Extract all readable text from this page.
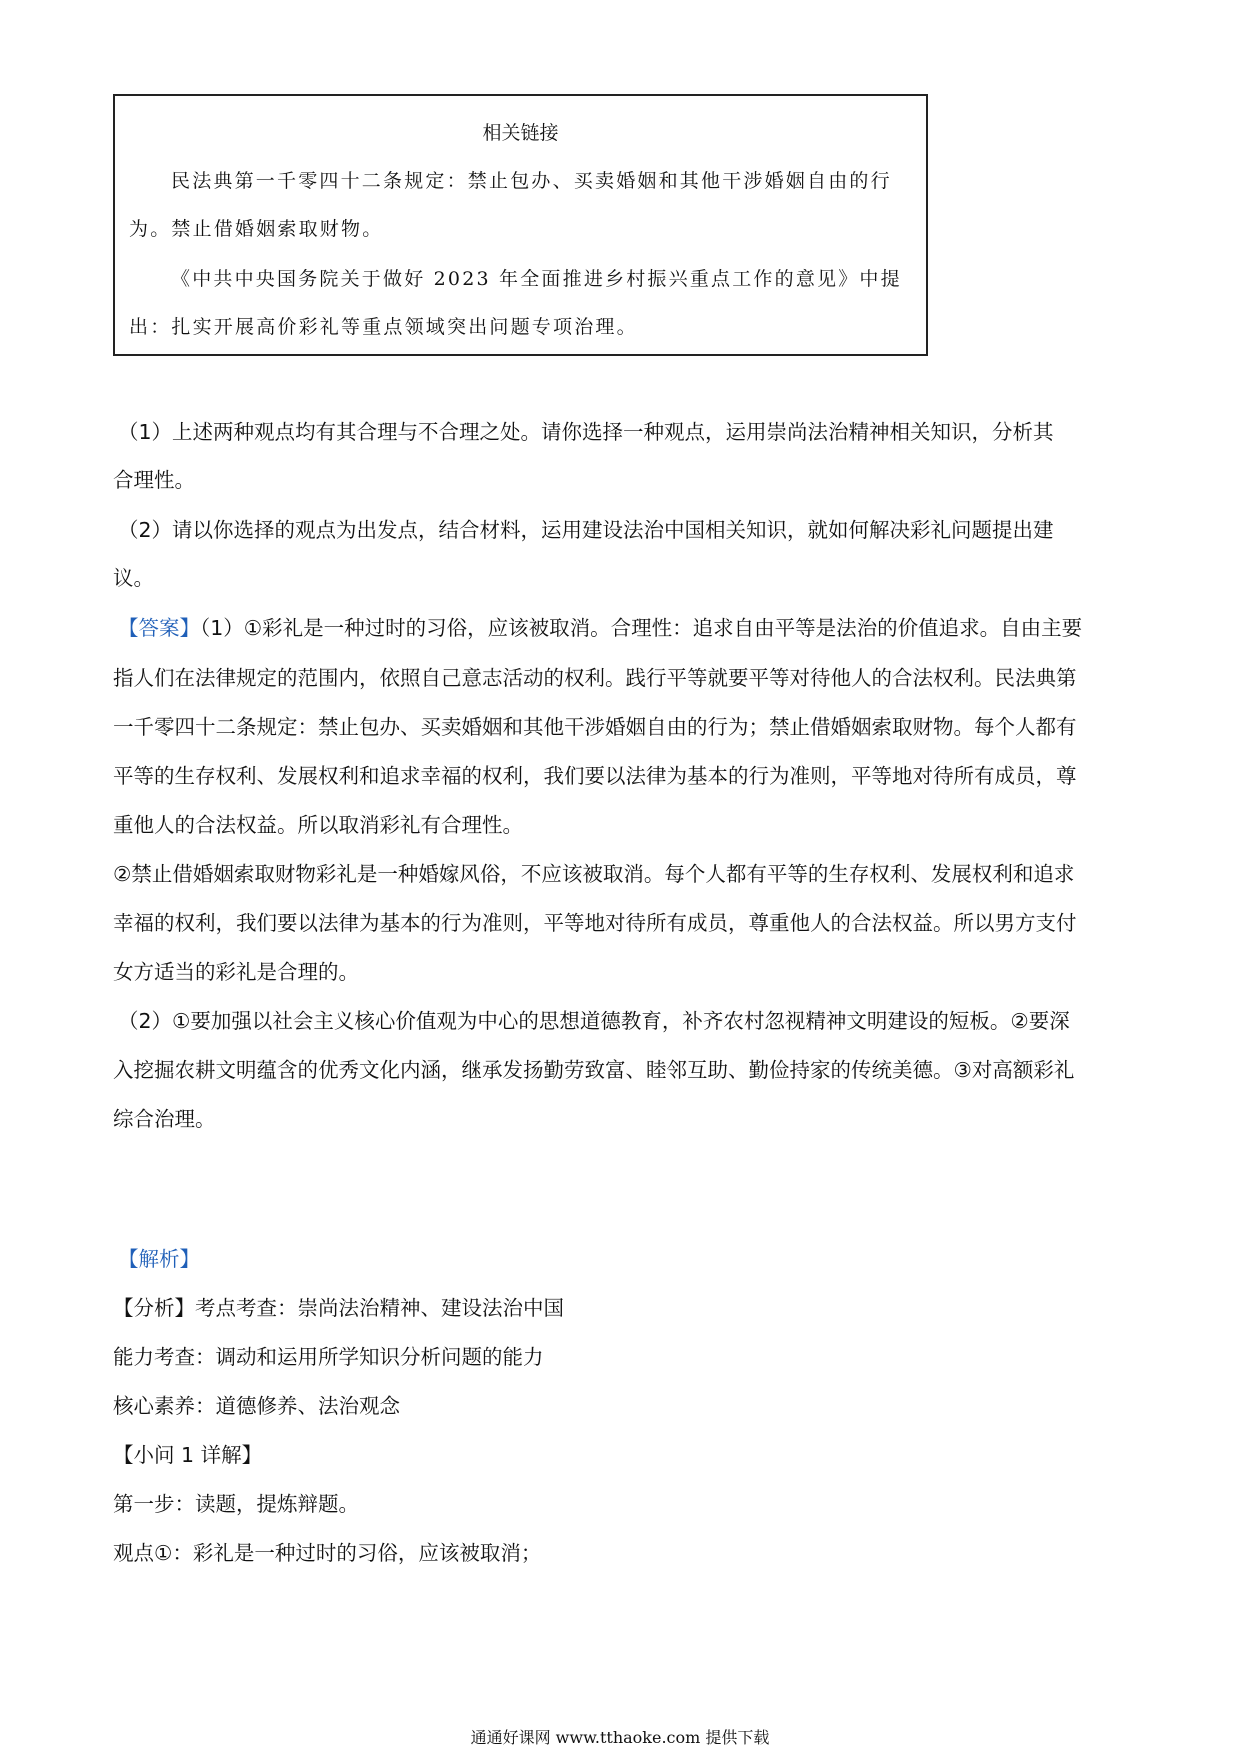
相关链接
民法典第一千零四十二条规定：禁止包办、买卖婚姻和其他干涉婚姻自由的行
为。禁止借婚姻索取财物。
《中共中央国务院关于做好 2023 年全面推进乡村振兴重点工作的意见》中提
出：扎实开展高价彩礼等重点领域突出问题专项治理。
（1）上述两种观点均有其合理与不合理之处。请你选择一种观点，运用崇尚法治精神相关知识，分析其
合理性。
（2）请以你选择的观点为出发点，结合材料，运用建设法治中国相关知识，就如何解决彩礼问题提出建
议。
【答案】（1）①彩礼是一种过时的习俗，应该被取消。合理性：追求自由平等是法治的价值追求。自由主要
指人们在法律规定的范围内，依照自己意志活动的权利。践行平等就要平等对待他人的合法权利。民法典第
一千零四十二条规定：禁止包办、买卖婚姻和其他干涉婚姻自由的行为；禁止借婚姻索取财物。每个人都有
平等的生存权利、发展权利和追求幸福的权利，我们要以法律为基本的行为准则，平等地对待所有成员，尊
重他人的合法权益。所以取消彩礼有合理性。
②禁止借婚姻索取财物彩礼是一种婚嫁风俗，不应该被取消。每个人都有平等的生存权利、发展权利和追求
幸福的权利，我们要以法律为基本的行为准则，平等地对待所有成员，尊重他人的合法权益。所以男方支付
女方适当的彩礼是合理的。
（2）①要加强以社会主义核心价值观为中心的思想道德教育，补齐农村忽视精神文明建设的短板。②要深
入挖掘农耕文明蕴含的优秀文化内涵，继承发扬勤劳致富、睦邻互助、勤俭持家的传统美德。③对高额彩礼
综合治理。
【解析】
【分析】考点考查：崇尚法治精神、建设法治中国
能力考查：调动和运用所学知识分析问题的能力
核心素养：道德修养、法治观念
【小问 1 详解】
第一步：读题，提炼辩题。
观点①：彩礼是一种过时的习俗，应该被取消；
通通好课网 www.tthaoke.com 提供下载
